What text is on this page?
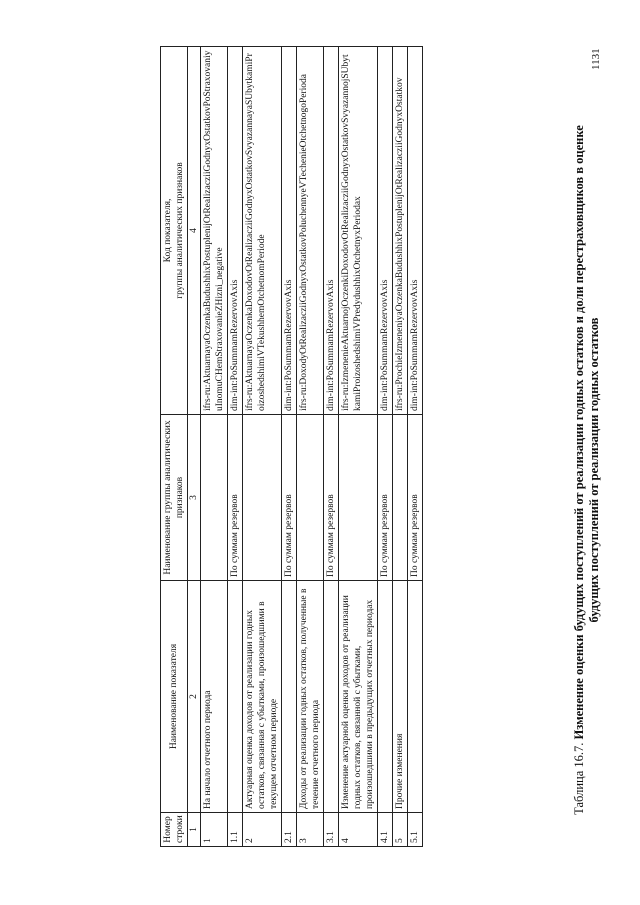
Таблица 16.7. Изменение оценки будущих поступлений от реализации годных остатков и доли перестраховщиков в оценке будущих поступлений от реализации годных остатков
Номер строки	Наименование показателя	Наименование группы аналитических признаков	Код показателя, группы аналитических признаков
1	2	3	4
1	На начало отчетного периода		ifrs-ru:AktuarnayaOczenkaBudushhixPostuplenijOtRealizacziiGodnyxOstatkovPoStraxovaniyuInomuCHemStraxovanieZHizni_negative
1.1		По суммам резервов	dim-int:PoSummamRezervovAxis
2	Актуарная оценка доходов от реализации годных остатков, связанная с убытками, произошедшими в текущем отчетном периоде		ifrs-ru:AktuarnayaOczenkaDoxodovOtRealizacziiGodnyxOstatkovSvyazannayaSUbytkamiProizoshedshimiVTekushhemOtchetnomPeriode
2.1		По суммам резервов	dim-int:PoSummamRezervovAxis
3	Доходы от реализации годных остатков, полученные в течение отчетного периода		ifrs-ru:DoxodyOtRealizacziiGodnyxOstatkovPoluchennyeVTechenieOtchetnogoPerioda
3.1		По суммам резервов	dim-int:PoSummamRezervovAxis
4	Изменение актуарной оценки доходов от реализации годных остатков, связанной с убытками, произошедшими в предыдущих отчетных периодах		ifrs-ru:IzmenenieAktuarnojOczenkiDoxodovOtRealizacziiGodnyxOstatkovSvyazannojSUbytkamiProizoshedshimiVPredydushhixOtchetnyxPeriodax
4.1		По суммам резервов	dim-int:PoSummamRezervovAxis
5	Прочие изменения		ifrs-ru:ProchieIzmeneniyaOczenkaBudushhixPostuplenijOtRealizacziiGodnyxOstatkov
5.1		По суммам резервов	dim-int:PoSummamRezervovAxis
1131
